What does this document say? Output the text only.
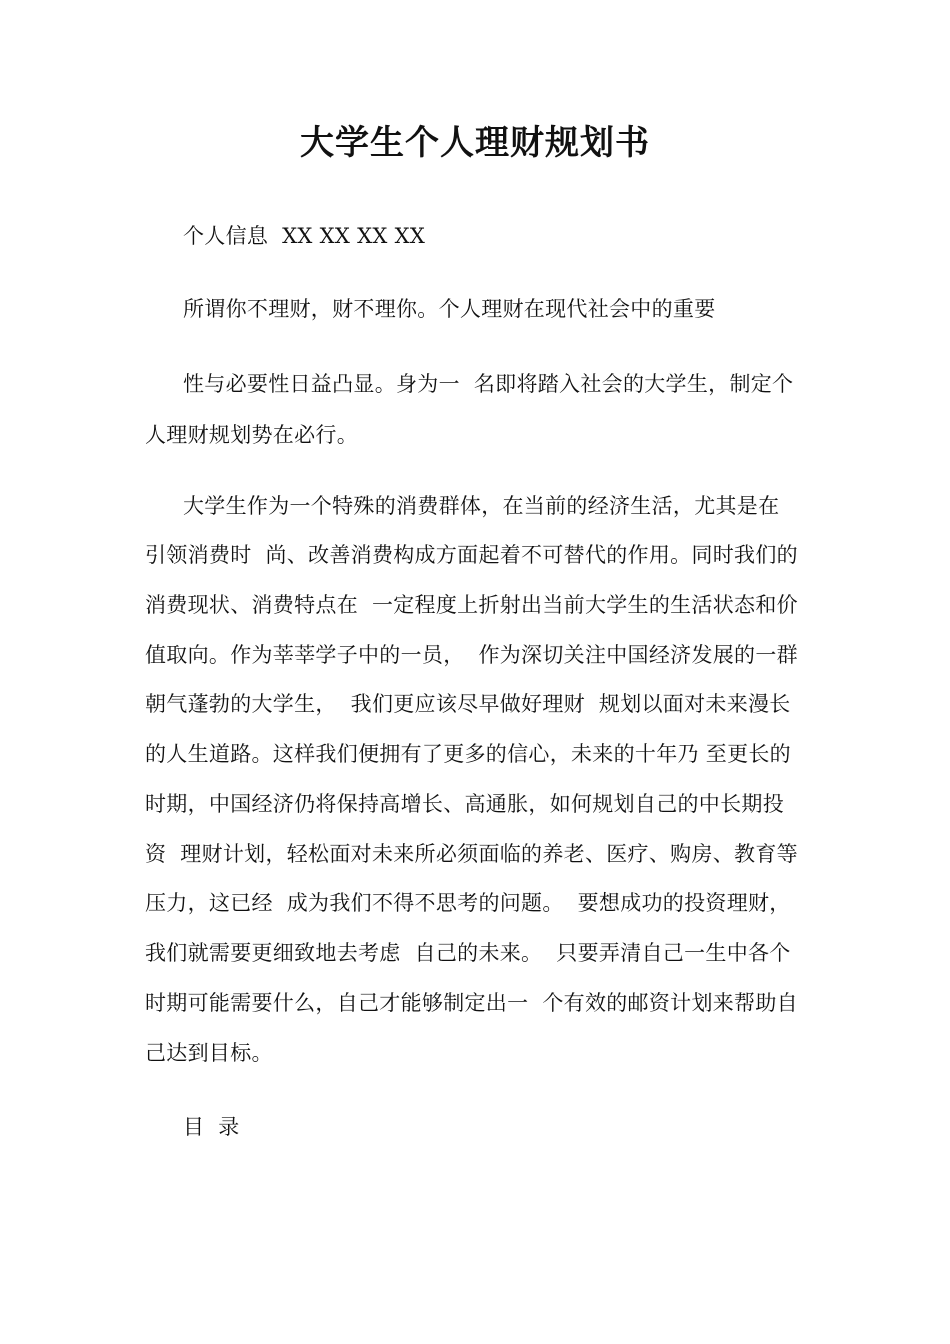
大学生个人理财规划书
个人信息  XX XX XX XX
所谓你不理财，财不理你。个人理财在现代社会中的重要
性与必要性日益凸显。身为一  名即将踏入社会的大学生，制定个
人理财规划势在必行。
大学生作为一个特殊的消费群体，在当前的经济生活，尤其是在
引领消费时  尚、改善消费构成方面起着不可替代的作用。同时我们的
消费现状、消费特点在  一定程度上折射出当前大学生的生活状态和价
值取向。作为莘莘学子中的一员，  作为深切关注中国经济发展的一群
朝气蓬勃的大学生，  我们更应该尽早做好理财  规划以面对未来漫长
的人生道路。这样我们便拥有了更多的信心，未来的十年乃 至更长的
时期，中国经济仍将保持高增长、高通胀，如何规划自己的中长期投
资  理财计划，轻松面对未来所必须面临的养老、医疗、购房、教育等
压力，这已经  成为我们不得不思考的问题。  要想成功的投资理财，
我们就需要更细致地去考虑  自己的未来。  只要弄清自己一生中各个
时期可能需要什么，自己才能够制定出一  个有效的邮资计划来帮助自
己达到目标。
目  录
